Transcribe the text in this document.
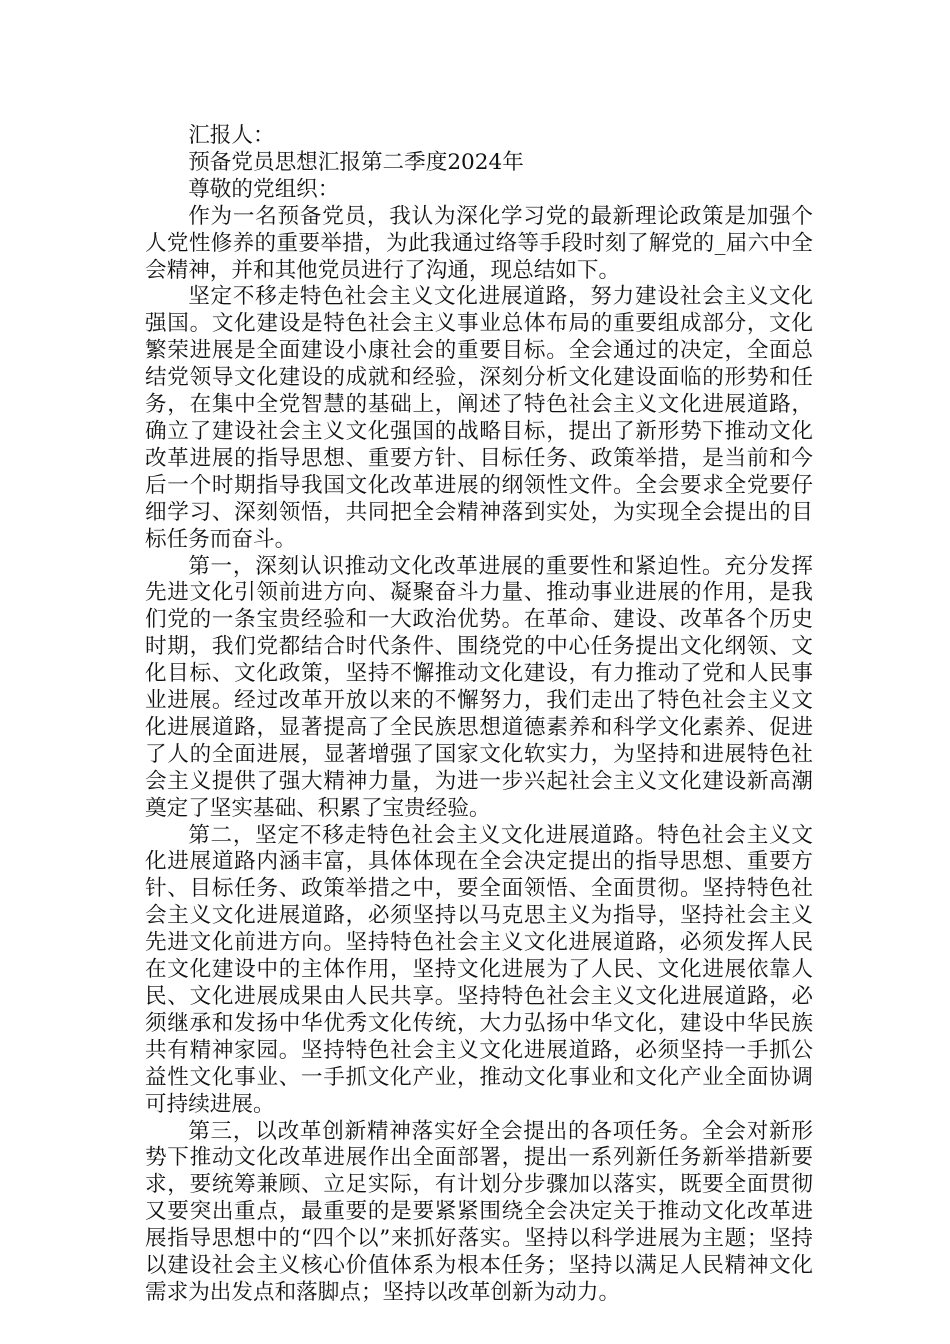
汇报人：

预备党员思想汇报第二季度2024年

尊敬的党组织：

作为一名预备党员，我认为深化学习党的最新理论政策是加强个人党性修养的重要举措，为此我通过络等手段时刻了解党的_届六中全会精神，并和其他党员进行了沟通，现总结如下。

坚定不移走特色社会主义文化进展道路，努力建设社会主义文化强国。文化建设是特色社会主义事业总体布局的重要组成部分，文化繁荣进展是全面建设小康社会的重要目标。全会通过的决定，全面总结党领导文化建设的成就和经验，深刻分析文化建设面临的形势和任务，在集中全党智慧的基础上，阐述了特色社会主义文化进展道路，确立了建设社会主义文化强国的战略目标，提出了新形势下推动文化改革进展的指导思想、重要方针、目标任务、政策举措，是当前和今后一个时期指导我国文化改革进展的纲领性文件。全会要求全党要仔细学习、深刻领悟，共同把全会精神落到实处，为实现全会提出的目标任务而奋斗。

第一，深刻认识推动文化改革进展的重要性和紧迫性。充分发挥先进文化引领前进方向、凝聚奋斗力量、推动事业进展的作用，是我们党的一条宝贵经验和一大政治优势。在革命、建设、改革各个历史时期，我们党都结合时代条件、围绕党的中心任务提出文化纲领、文化目标、文化政策，坚持不懈推动文化建设，有力推动了党和人民事业进展。经过改革开放以来的不懈努力，我们走出了特色社会主义文化进展道路，显著提高了全民族思想道德素养和科学文化素养、促进了人的全面进展，显著增强了国家文化软实力，为坚持和进展特色社会主义提供了强大精神力量，为进一步兴起社会主义文化建设新高潮奠定了坚实基础、积累了宝贵经验。

第二，坚定不移走特色社会主义文化进展道路。特色社会主义文化进展道路内涵丰富，具体体现在全会决定提出的指导思想、重要方针、目标任务、政策举措之中，要全面领悟、全面贯彻。坚持特色社会主义文化进展道路，必须坚持以马克思主义为指导，坚持社会主义先进文化前进方向。坚持特色社会主义文化进展道路，必须发挥人民在文化建设中的主体作用，坚持文化进展为了人民、文化进展依靠人民、文化进展成果由人民共享。坚持特色社会主义文化进展道路，必须继承和发扬中华优秀文化传统，大力弘扬中华文化，建设中华民族共有精神家园。坚持特色社会主义文化进展道路，必须坚持一手抓公益性文化事业、一手抓文化产业，推动文化事业和文化产业全面协调可持续进展。

第三，以改革创新精神落实好全会提出的各项任务。全会对新形势下推动文化改革进展作出全面部署，提出一系列新任务新举措新要求，要统筹兼顾、立足实际，有计划分步骤加以落实，既要全面贯彻又要突出重点，最重要的是要紧紧围绕全会决定关于推动文化改革进展指导思想中的“四个以”来抓好落实。坚持以科学进展为主题；坚持以建设社会主义核心价值体系为根本任务；坚持以满足人民精神文化需求为出发点和落脚点；坚持以改革创新为动力。
